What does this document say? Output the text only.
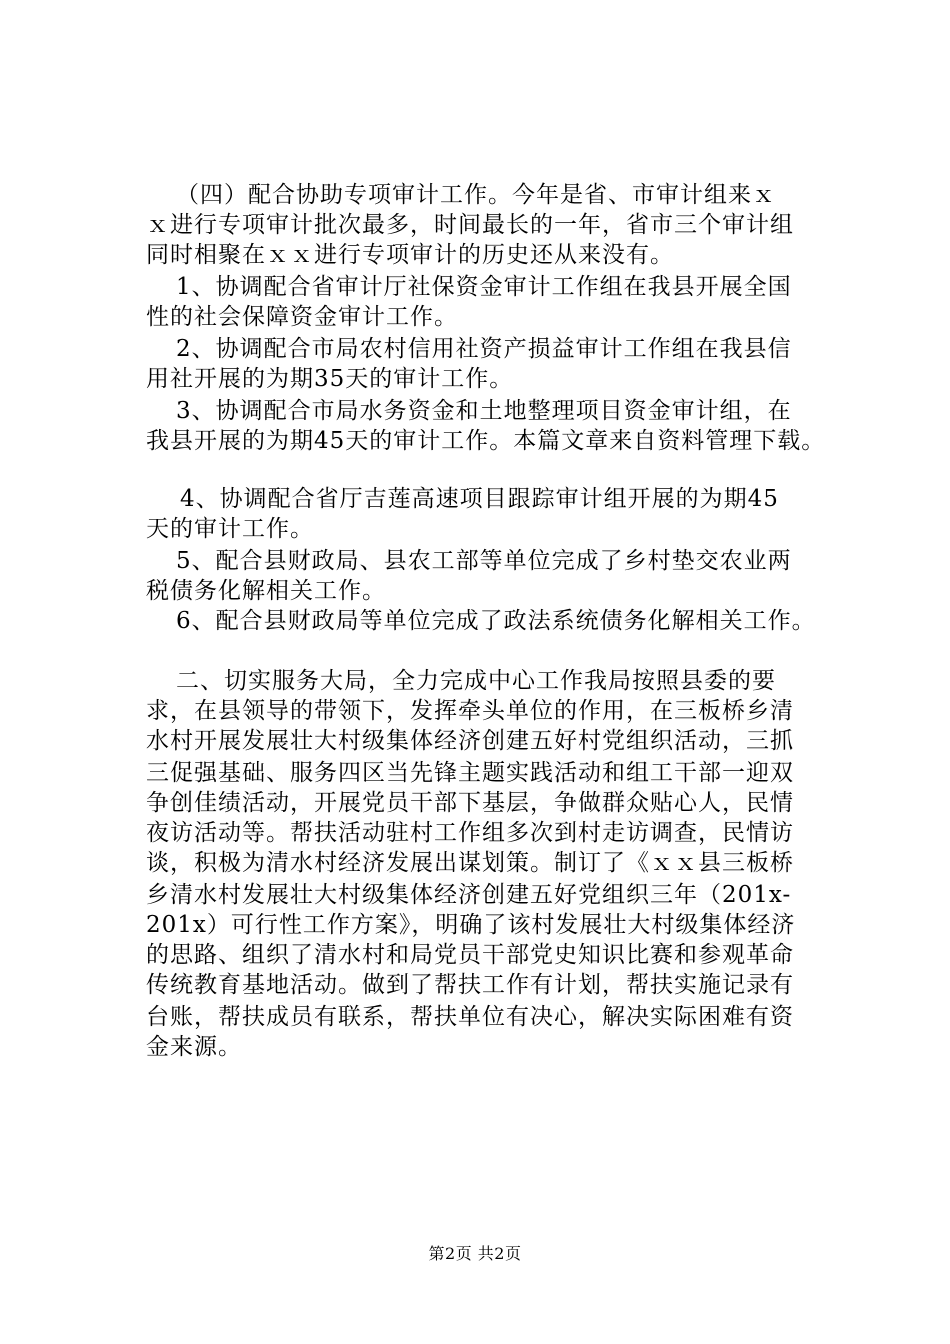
（四）配合协助专项审计工作。今年是省、市审计组来ｘ
ｘ进行专项审计批次最多，时间最长的一年，省市三个审计组
同时相聚在ｘｘ进行专项审计的历史还从来没有。
1、协调配合省审计厅社保资金审计工作组在我县开展全国
性的社会保障资金审计工作。
2、协调配合市局农村信用社资产损益审计工作组在我县信
用社开展的为期35天的审计工作。
3、协调配合市局水务资金和土地整理项目资金审计组，在
我县开展的为期45天的审计工作。本篇文章来自资料管理下载。
4、协调配合省厅吉莲高速项目跟踪审计组开展的为期45
天的审计工作。
5、配合县财政局、县农工部等单位完成了乡村垫交农业两
税债务化解相关工作。
6、配合县财政局等单位完成了政法系统债务化解相关工作。
二、切实服务大局，全力完成中心工作我局按照县委的要
求，在县领导的带领下，发挥牵头单位的作用，在三板桥乡清
水村开展发展壮大村级集体经济创建五好村党组织活动，三抓
三促强基础、服务四区当先锋主题实践活动和组工干部一迎双
争创佳绩活动，开展党员干部下基层，争做群众贴心人，民情
夜访活动等。帮扶活动驻村工作组多次到村走访调查，民情访
谈，积极为清水村经济发展出谋划策。制订了《ｘｘ县三板桥
乡清水村发展壮大村级集体经济创建五好党组织三年（201x-
201x）可行性工作方案》，明确了该村发展壮大村级集体经济
的思路、组织了清水村和局党员干部党史知识比赛和参观革命
传统教育基地活动。做到了帮扶工作有计划，帮扶实施记录有
台账，帮扶成员有联系，帮扶单位有决心，解决实际困难有资
金来源。
第2页 共2页
